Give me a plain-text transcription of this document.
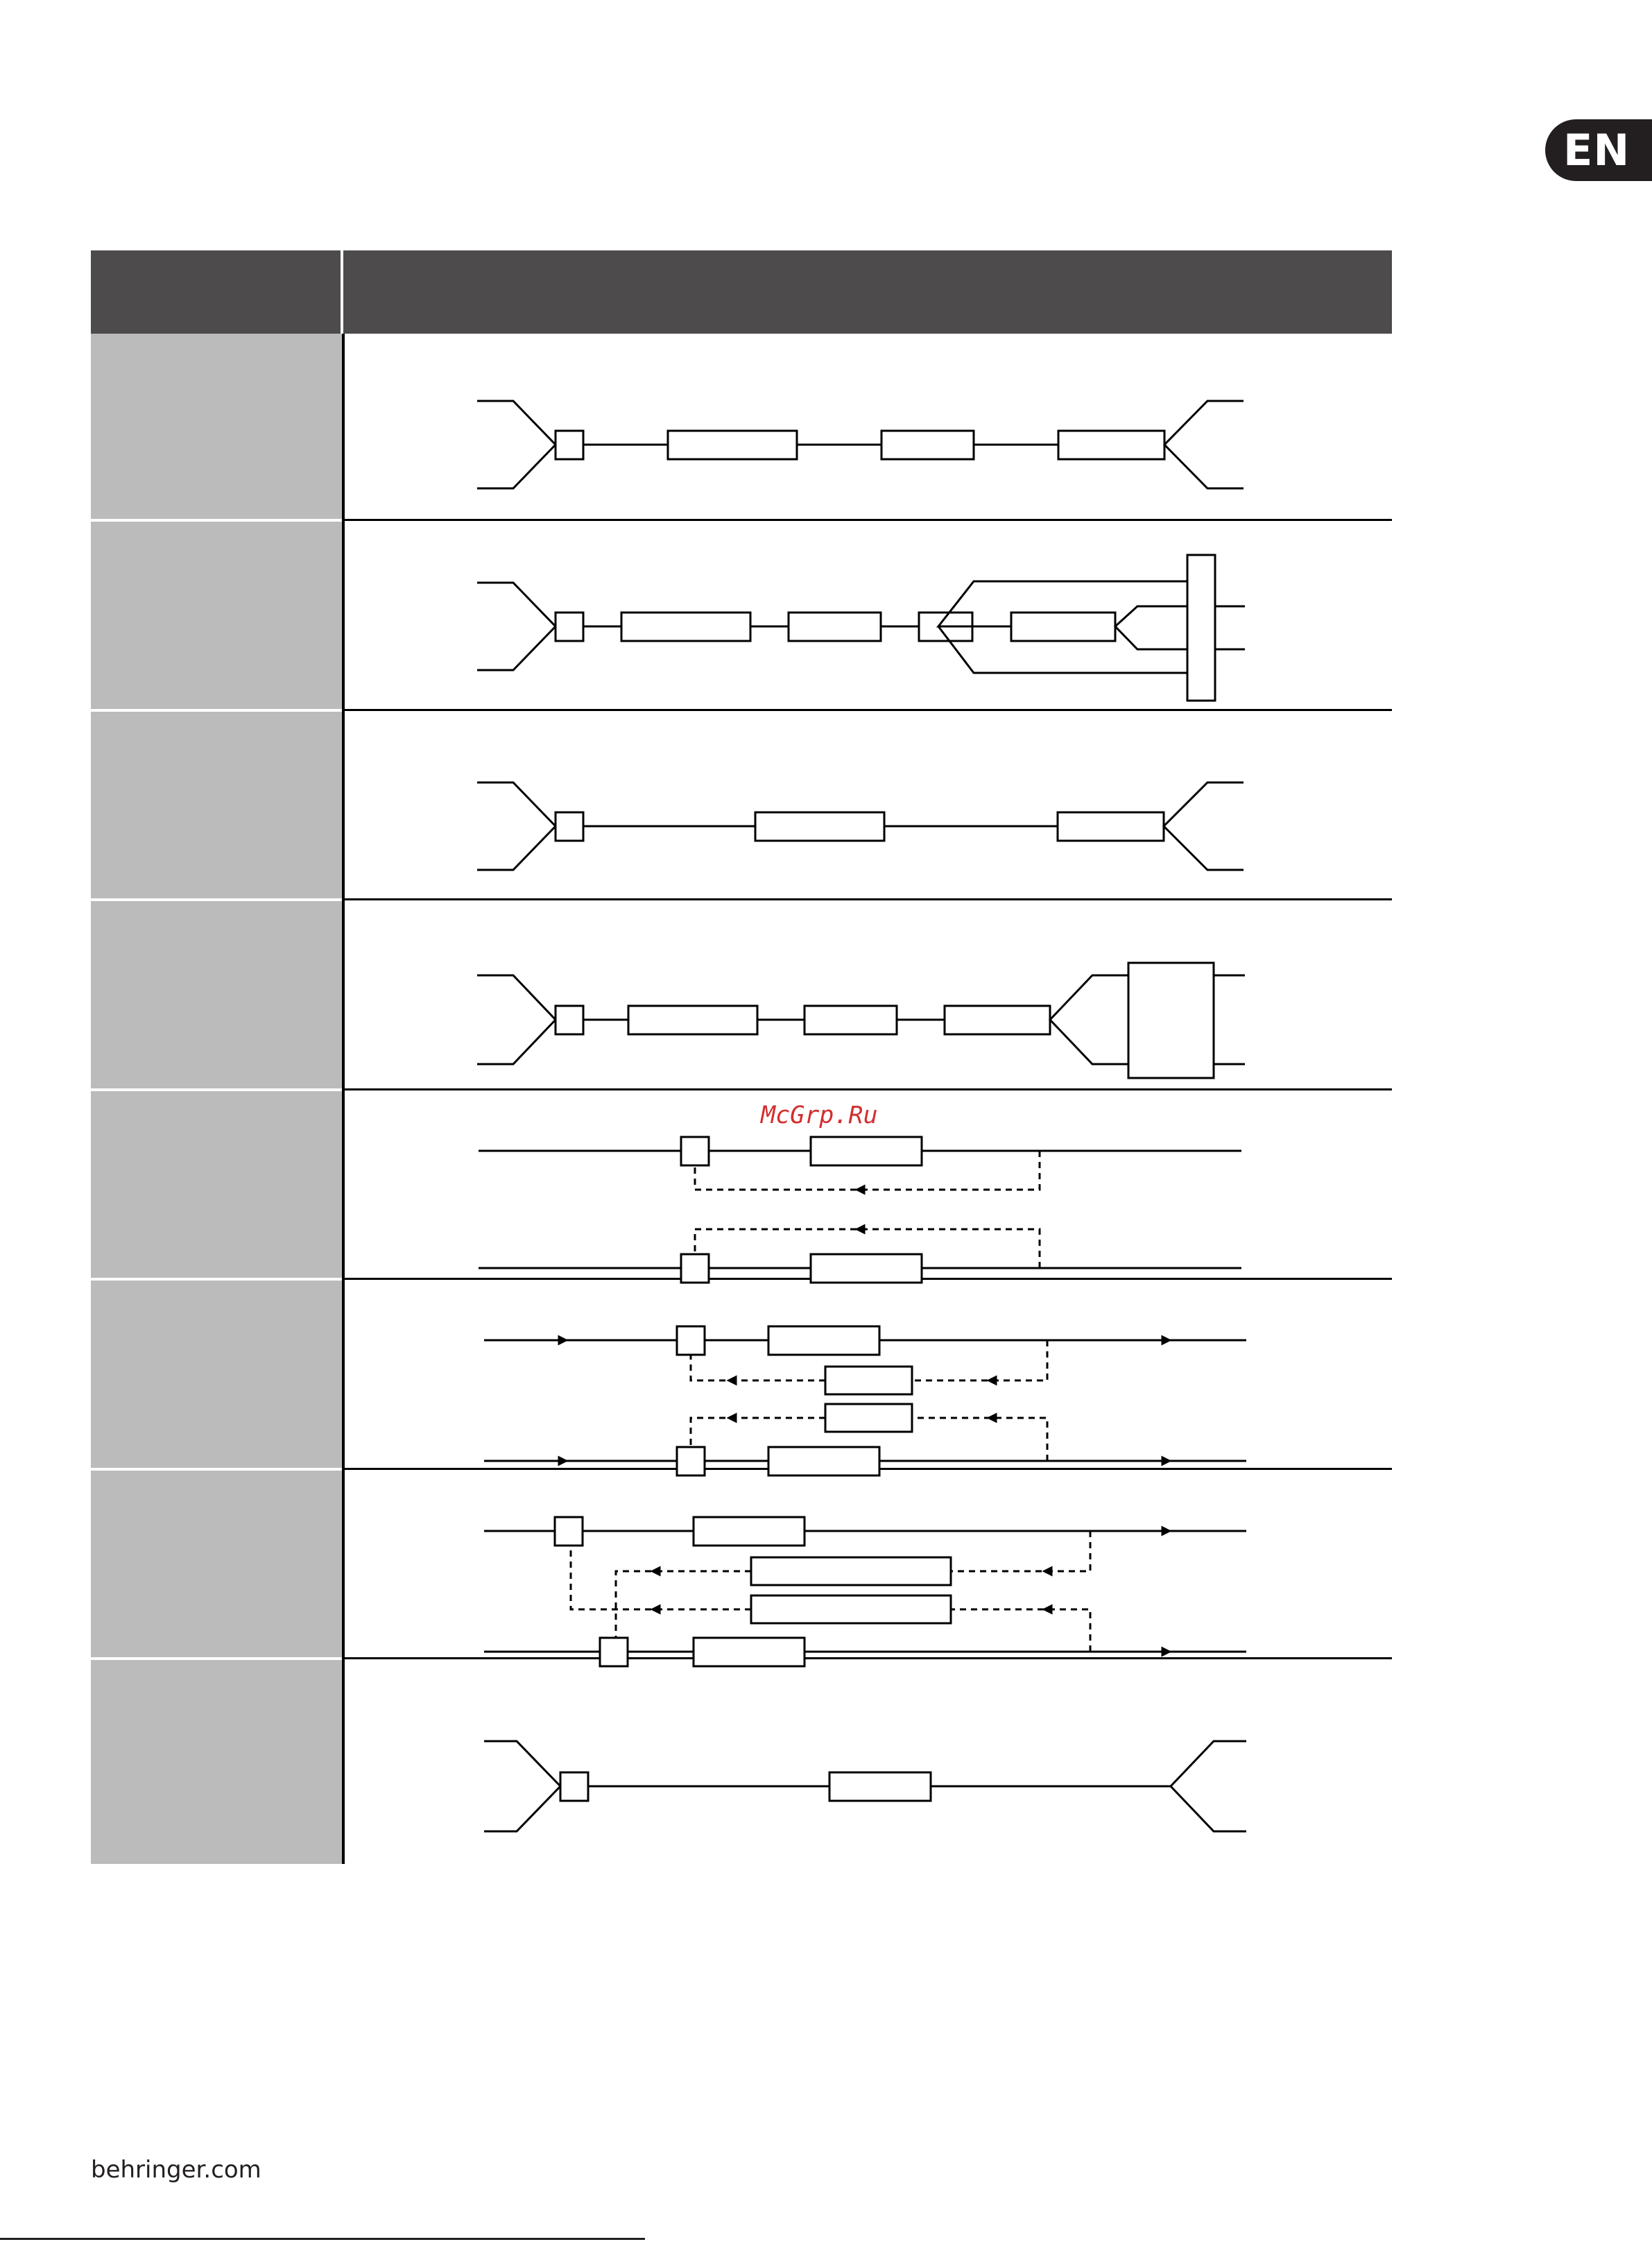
EN
McGrp.Ru
behringer.com
